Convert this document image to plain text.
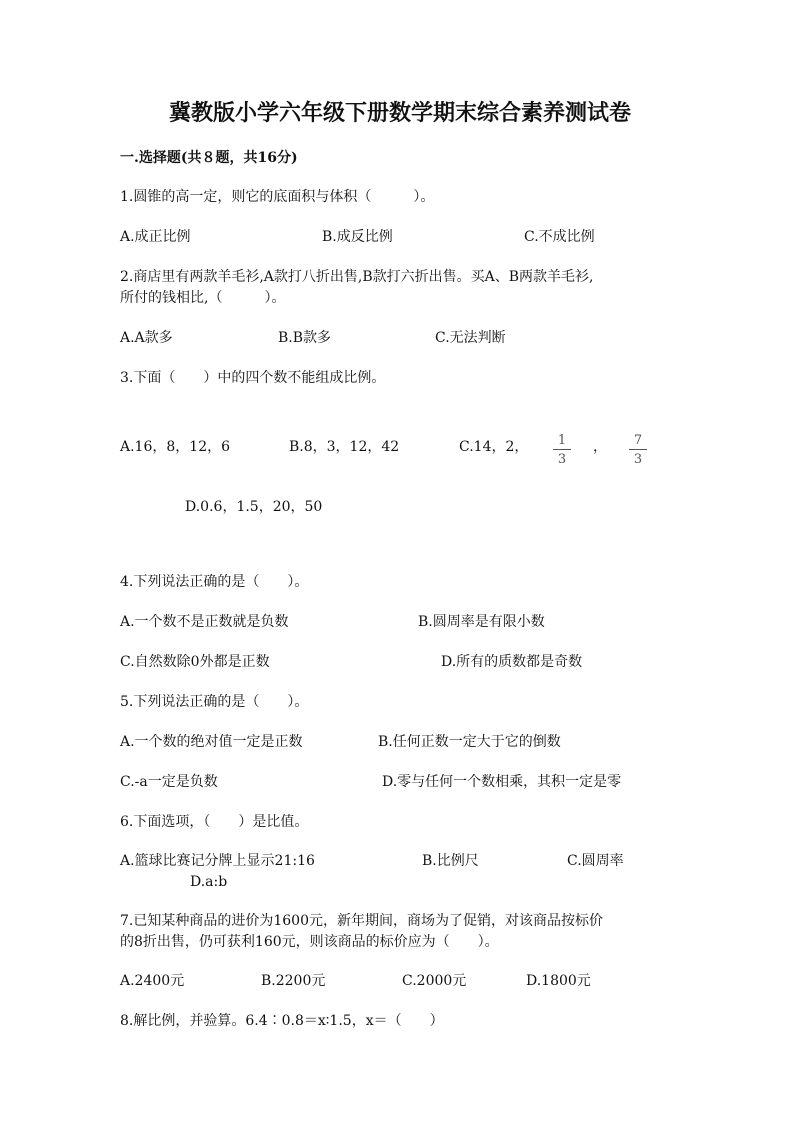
冀教版小学六年级下册数学期末综合素养测试卷
一.选择题(共８题，共16分)
1.圆锥的高一定，则它的底面积与体积（　　　）。
A.成正比例	B.成反比例	C.不成比例
2.商店里有两款羊毛衫,A款打八折出售,B款打六折出售。买A、B两款羊毛衫,
所付的钱相比,（　　　）。
A.A款多	B.B款多	C.无法判断
3.下面（　　）中的四个数不能组成比例。
A.16，8，12，6	B.8，3，12，42	C.14，2，	1
3
，	7
3
D.0.6，1.5，20，50
4.下列说法正确的是（　　）。
A.一个数不是正数就是负数	B.圆周率是有限小数
C.自然数除0外都是正数	D.所有的质数都是奇数
5.下列说法正确的是（　　）。
A.一个数的绝对值一定是正数	B.任何正数一定大于它的倒数
C.-a一定是负数	D.零与任何一个数相乘，其积一定是零
6.下面选项，（　　）是比值。
A.篮球比赛记分牌上显示21:16	B.比例尺	C.圆周率
D.a:b
7.已知某种商品的进价为1600元，新年期间，商场为了促销，对该商品按标价
的8折出售，仍可获利160元，则该商品的标价应为（　　）。
A.2400元	B.2200元	C.2000元	D.1800元
8.解比例，并验算。6.4∶0.8＝x∶1.5，x＝（　　）
